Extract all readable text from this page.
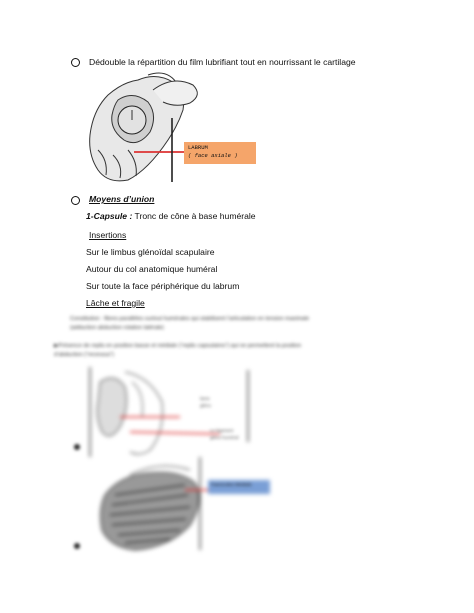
Dédouble la répartition du film lubrifiant tout en nourrissant le cartilage
LABRUM
( face axiale )
Moyens d’union
1-Capsule : Tronc de cône à base humérale
Insertions
Sur le limbus glénoïdal scapulaire
Autour du col anatomique huméral
Sur toute la face périphérique du labrum
Lâche et fragile
Constitution : fibres parallèles surtout humérales qui stabilisent l’articulation en tension maximale
(adduction abduction rotation latérale)
▶Présence de replis en position basse et médiale (“replis capsulaires”) qui ne permettent la position
d’abduction (“recessus”)
lame
gléno
Le ligament
gléno huméral
Fascicules Médials
